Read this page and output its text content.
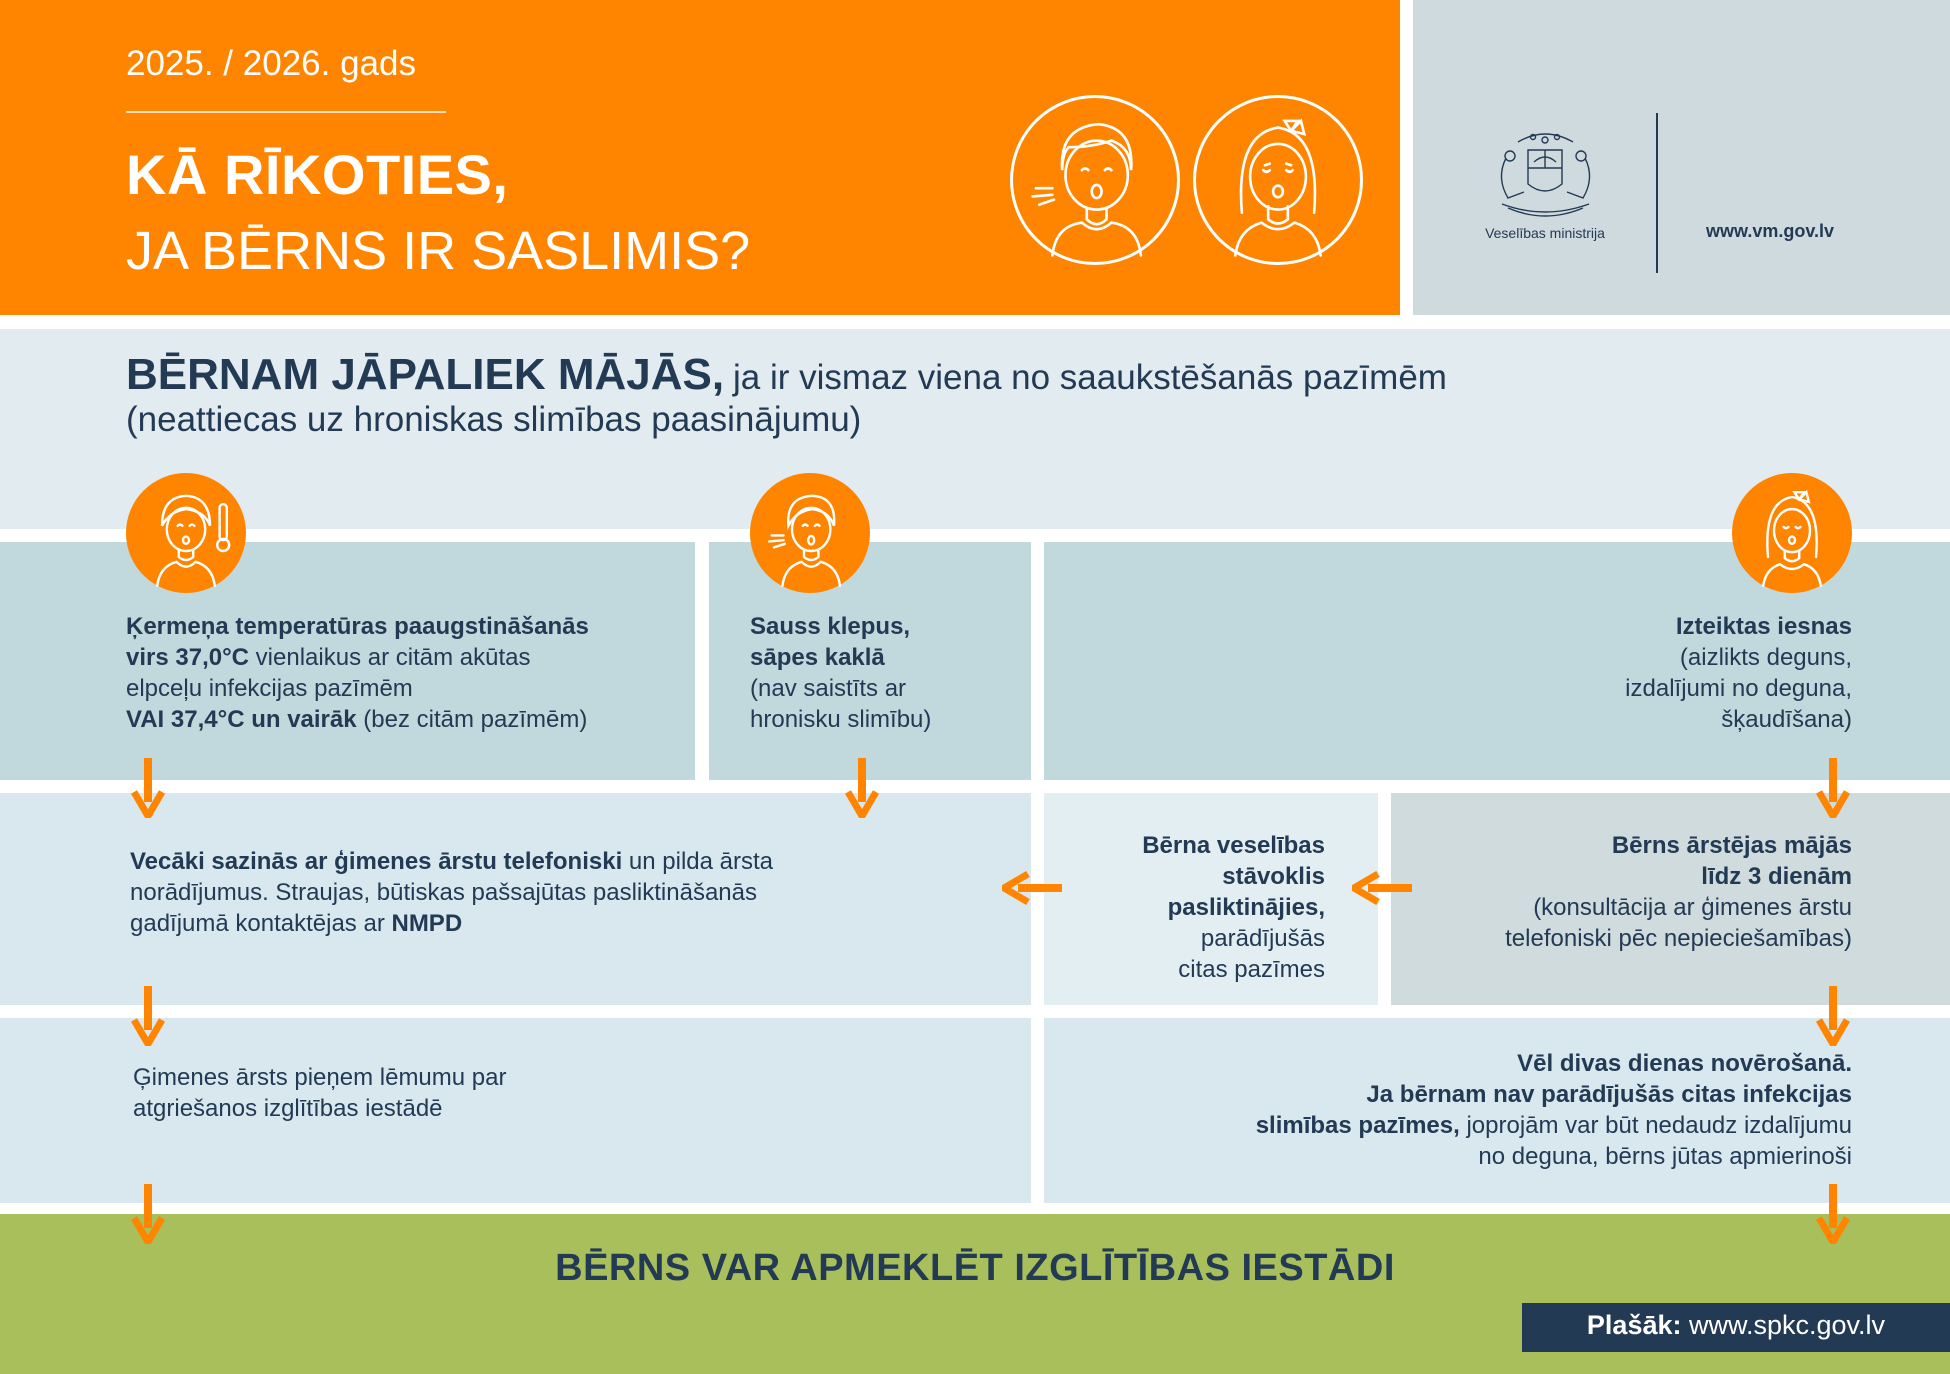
2025. / 2026. gads
KĀ RĪKOTIES,
JA BĒRNS IR SASLIMIS?	Veselības ministrija	www.vm.gov.lv
BĒRNAM JĀPALIEK MĀJĀS, ja ir vismaz viena no saaukstēšanās pazīmēm
(neattiecas uz hroniskas slimības paasinājumu)
Ķermeņa temperatūras paaugstināšanās
virs 37,0°C vienlaikus ar citām akūtas
elpceļu infekcijas pazīmēm
VAI 37,4°C un vairāk (bez citām pazīmēm)
Sauss klepus,
sāpes kaklā
(nav saistīts ar
hronisku slimību)
Izteiktas iesnas
(aizlikts deguns,
izdalījumi no deguna,
šķaudīšana)
Vecāki sazinās ar ģimenes ārstu telefoniski un pilda ārsta
norādījumus. Straujas, būtiskas pašsajūtas pasliktināšanās
gadījumā kontaktējas ar NMPD
Bērna veselības
stāvoklis
pasliktinājies,
parādījušās
citas pazīmes
Bērns ārstējas mājās
līdz 3 dienām
(konsultācija ar ģimenes ārstu
telefoniski pēc nepieciešamības)
Ģimenes ārsts pieņem lēmumu par
atgriešanos izglītības iestādē
Vēl divas dienas novērošanā.
Ja bērnam nav parādījušās citas infekcijas
slimības pazīmes, joprojām var būt nedaudz izdalījumu
no deguna, bērns jūtas apmierinoši
BĒRNS VAR APMEKLĒT IZGLĪTĪBAS IESTĀDI
Plašāk: www.spkc.gov.lv
